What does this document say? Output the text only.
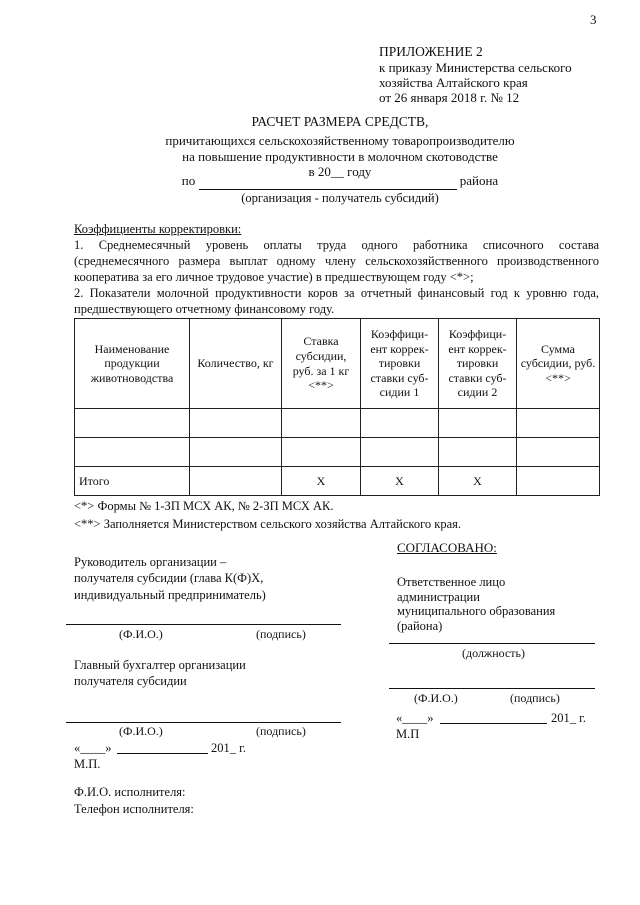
3
ПРИЛОЖЕНИЕ 2
к приказу Министерства сельского
хозяйства Алтайского края
от 26 января 2018 г. № 12
РАСЧЕТ РАЗМЕРА СРЕДСТВ,
причитающихся сельскохозяйственному товаропроизводителю
на повышение продуктивности в молочном скотоводстве
в 20__ году
по	района
(организация - получатель субсидий)
Коэффициенты корректировки:

1. Среднемесячный уровень оплаты труда одного работника списочного состава (среднемесячного размера выплат одному члену сельскохозяйственного производственного кооператива за его личное трудовое участие) в предшествующем году <*>;

2. Показатели молочной продуктивности коров за отчетный финансовый год к уровню года, предшествующего отчетному финансовому году.

Наименование продукции животноводства	Количество, кг	Ставка субсидии, руб. за 1 кг <**>	Коэффици-ент коррек-тировки ставки суб-сидии 1	Коэффици-ент коррек-тировки ставки суб-сидии 2	Сумма субсидии, руб. <**>

Итого		Х	Х	Х	
<*> Формы № 1-ЗП МСХ АК, № 2-ЗП МСХ АК.
<**> Заполняется Министерством сельского хозяйства Алтайского края.
СОГЛАСОВАНО:
Руководитель организации –
получателя субсидии (глава К(Ф)Х,
индивидуальный предприниматель)
(Ф.И.О.)	(подпись)
Ответственное лицо
администрации
муниципального образования
(района)
(должность)
(Ф.И.О.)	(подпись)
«____»	201_ г.
М.П
Главный бухгалтер организации
получателя субсидии
(Ф.И.О.)	(подпись)
«____»	201_ г.
М.П.
Ф.И.О. исполнителя:
Телефон исполнителя:
